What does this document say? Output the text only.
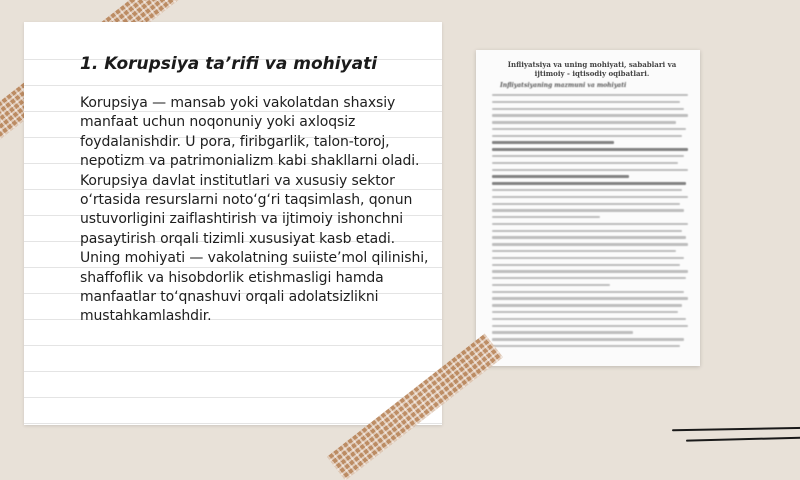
1. Korupsiya ta’rifi va mohiyati

Korupsiya — mansab yoki vakolatdan shaxsiy manfaat uchun noqonuniy yoki axloqsiz foydalanishdir. U pora, firibgarlik, talon-toroj, nepotizm va patrimonializm kabi shakllarni oladi. Korupsiya davlat institutlari va xususiy sektor o‘rtasida resurslarni noto‘g‘ri taqsimlash, qonun ustuvorligini zaiflashtirish va ijtimoiy ishonchni pasaytirish orqali tizimli xususiyat kasb etadi. Uning mohiyati — vakolatning suiiste’mol qilinishi, shaffoflik va hisobdorlik etishmasligi hamda manfaatlar to‘qnashuvi orqali adolatsizlikni mustahkamlashdir.

Infliyatsiya va uning mohiyati, sabablari va ijtimoiy - iqtisodiy oqibatlari.
Infliyatsiyaning mazmuni va mohiyati
